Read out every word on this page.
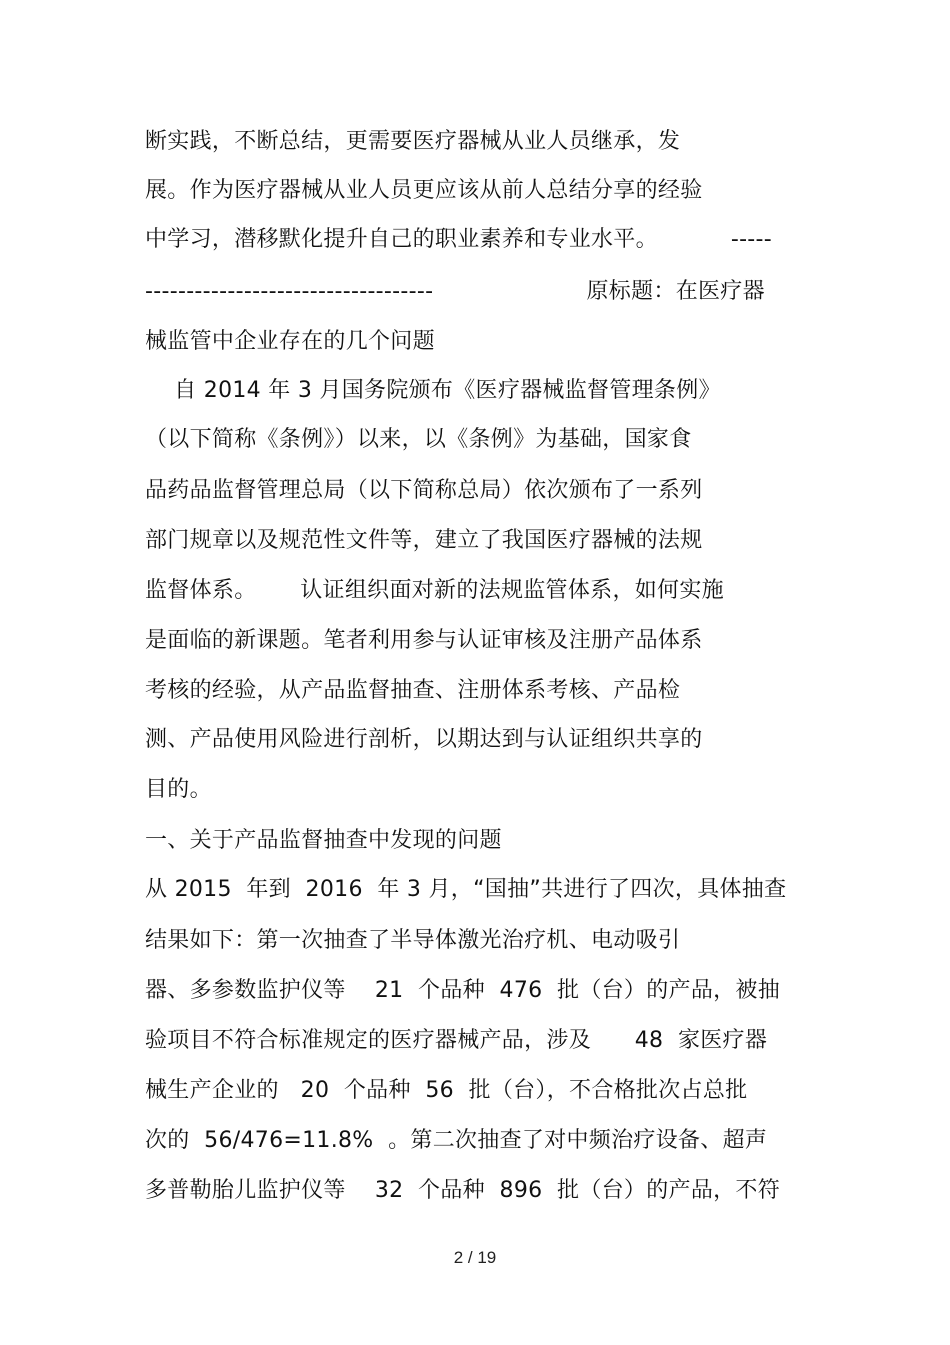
断实践，不断总结，更需要医疗器械从业人员继承，发
展。作为医疗器械从业人员更应该从前人总结分享的经验
中学习，潜移默化提升自己的职业素养和专业水平。          -----
-----------------------------------                     原标题：在医疗器
械监管中企业存在的几个问题
自 2014 年 3 月国务院颁布《医疗器械监督管理条例》
（以下简称《条例》）以来，以《条例》为基础，国家食
品药品监督管理总局（以下简称总局）依次颁布了一系列
部门规章以及规范性文件等，建立了我国医疗器械的法规
监督体系。      认证组织面对新的法规监管体系，如何实施
是面临的新课题。笔者利用参与认证审核及注册产品体系
考核的经验，从产品监督抽查、注册体系考核、产品检
测、产品使用风险进行剖析，以期达到与认证组织共享的
目的。
一、关于产品监督抽查中发现的问题
从 2015  年到  2016  年 3 月，“国抽”共进行了四次，具体抽查
结果如下：第一次抽查了半导体激光治疗机、电动吸引
器、多参数监护仪等    21  个品种  476  批（台）的产品，被抽
验项目不符合标准规定的医疗器械产品，涉及      48  家医疗器
械生产企业的   20  个品种  56  批（台），不合格批次占总批
次的  56/476=11.8%  。第二次抽查了对中频治疗设备、超声
多普勒胎儿监护仪等    32  个品种  896  批（台）的产品，不符
2 / 19
